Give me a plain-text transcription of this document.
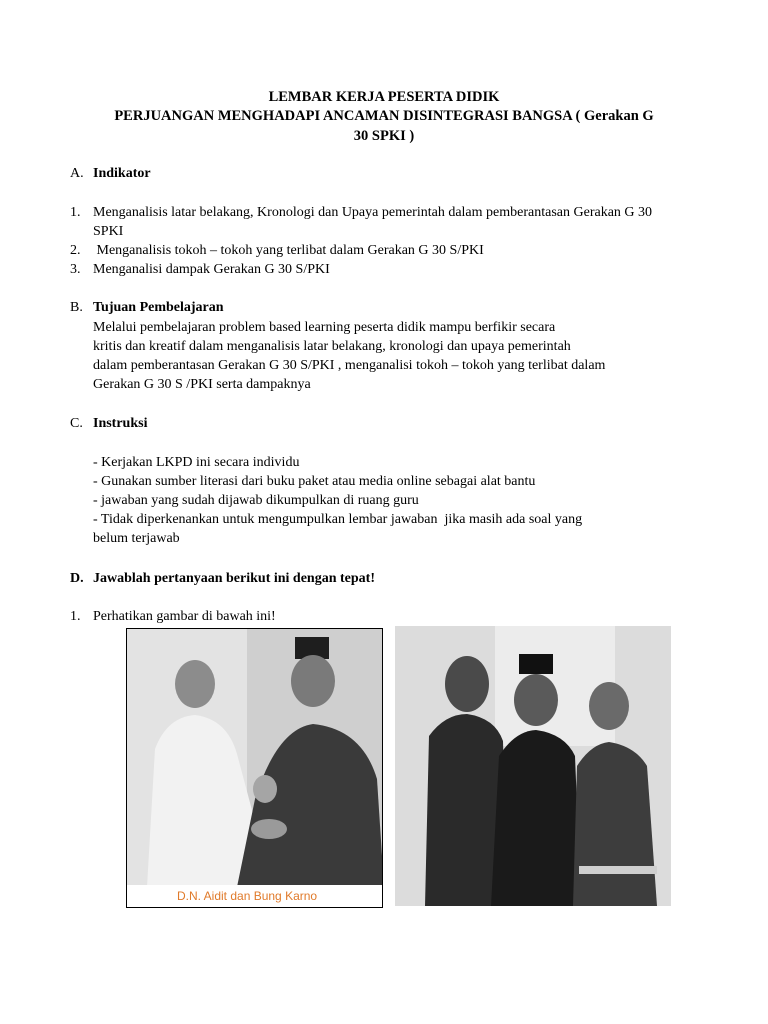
LEMBAR KERJA PESERTA DIDIK
PERJUANGAN MENGHADAPI ANCAMAN DISINTEGRASI BANGSA ( Gerakan G
30 SPKI )
A. Indikator
1. Menganalisis latar belakang, Kronologi dan Upaya pemerintah dalam pemberantasan Gerakan G 30 SPKI
2. Menganalisis tokoh – tokoh yang terlibat dalam Gerakan G 30 S/PKI
3. Menganalisi dampak Gerakan G 30 S/PKI
B. Tujuan Pembelajaran
Melalui pembelajaran problem based learning peserta didik mampu berfikir secara
kritis dan kreatif dalam menganalisis latar belakang, kronologi dan upaya pemerintah
dalam pemberantasan Gerakan G 30 S/PKI , menganalisi tokoh – tokoh yang terlibat dalam
Gerakan G 30 S /PKI serta dampaknya
C. Instruksi
- Kerjakan LKPD ini secara individu
- Gunakan sumber literasi dari buku paket atau media online sebagai alat bantu
- jawaban yang sudah dijawab dikumpulkan di ruang guru
- Tidak diperkenankan untuk mengumpulkan lembar jawaban  jika masih ada soal yang
belum terjawab
D. Jawablah pertanyaan berikut ini dengan tepat!
1. Perhatikan gambar di bawah ini!
D.N. Aidit dan Bung Karno
